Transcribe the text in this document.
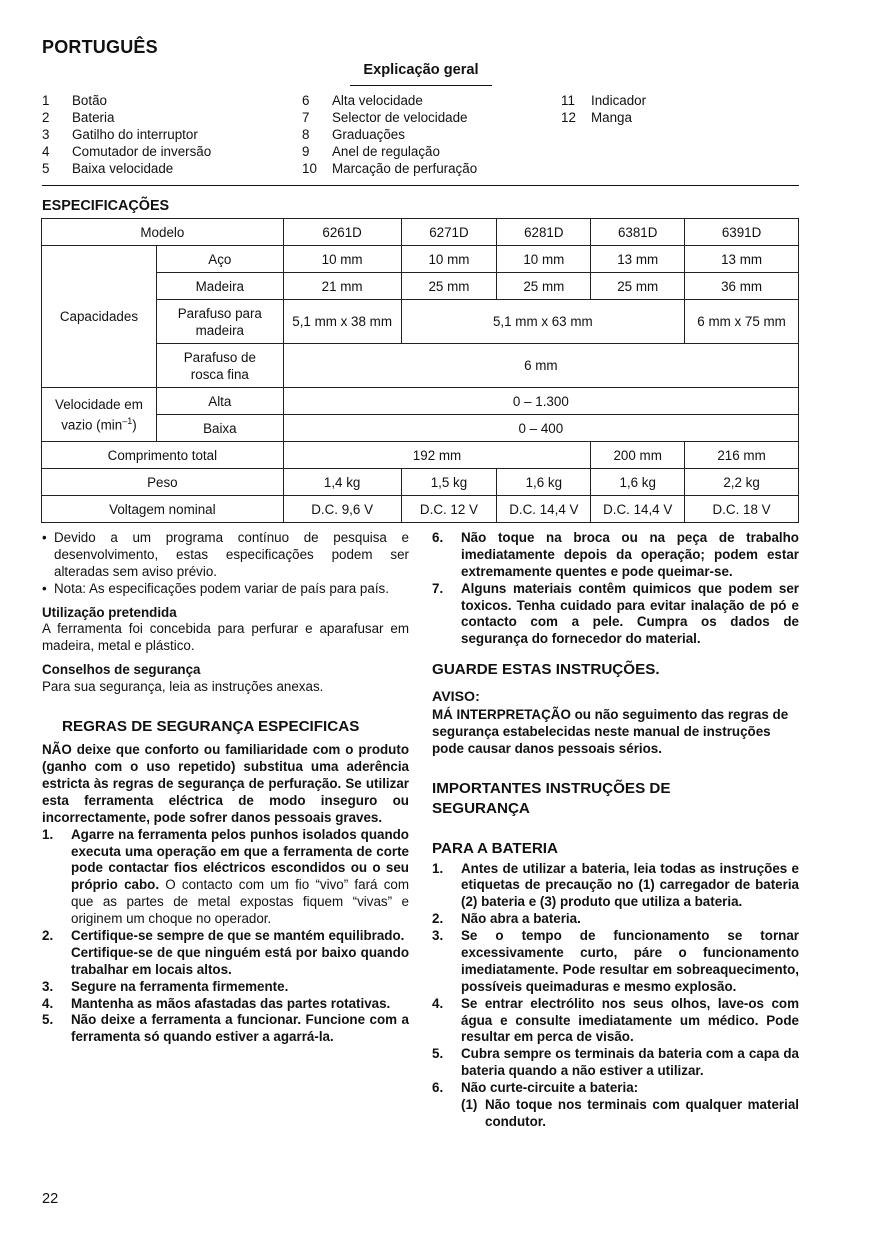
PORTUGUÊS
Explicação geral
1	Botão
2	Bateria
3	Gatilho do interruptor
4	Comutador de inversão
5	Baixa velocidade
6	Alta velocidade
7	Selector de velocidade
8	Graduações
9	Anel de regulação
10	Marcação de perfuração
11	Indicador
12	Manga
ESPECIFICAÇÕES
Modelo		6261D	6271D	6281D	6381D	6391D
Capacidades	Aço	10 mm	10 mm	10 mm	13 mm	13 mm
	Madeira	21 mm	25 mm	25 mm	25 mm	36 mm
	Parafuso para
madeira	5,1 mm x 38 mm	5,1 mm x 63 mm			6 mm x 75 mm
	Parafuso de
rosca fina	6 mm				
Velocidade em
vazio $(\min^{-1})$	Alta	0 – 1.300				
	Baixa	0 – 400				
Comprimento total		192 mm			200 mm	216 mm
Peso		1,4 kg	1,5 kg	1,6 kg	1,6 kg	2,2 kg
Voltagem nominal		D.C. 9,6 V	D.C. 12 V	D.C. 14,4 V	D.C. 14,4 V	D.C. 18 V
• Devido a um programa contínuo de pesquisa e desenvolvimento, estas especificações podem ser alteradas sem aviso prévio.
• Nota: As especificações podem variar de país para país.
Utilização pretendida
A ferramenta foi concebida para perfurar e aparafusar em madeira, metal e plástico.
Conselhos de segurança
Para sua segurança, leia as instruções anexas.
REGRAS DE SEGURANÇA ESPECIFICAS
NÃO deixe que conforto ou familiaridade com o produto (ganho com o uso repetido) substitua uma aderência estricta às regras de segurança de perfuração. Se utilizar esta ferramenta eléctrica de modo inseguro ou incorrectamente, pode sofrer danos pessoais graves.
1.	Agarre na ferramenta pelos punhos isolados quando executa uma operação em que a ferramenta de corte pode contactar fios eléctricos escondidos ou o seu próprio cabo. O contacto com um fio “vivo” fará com que as partes de metal expostas fiquem “vivas” e originem um choque no operador.
2.	Certifique-se sempre de que se mantém equilibrado.
Certifique-se de que ninguém está por baixo quando trabalhar em locais altos.
3.	Segure na ferramenta firmemente.
4.	Mantenha as mãos afastadas das partes rotativas.
5.	Não deixe a ferramenta a funcionar. Funcione com a ferramenta só quando estiver a agarrá-la.
6.	Não toque na broca ou na peça de trabalho imediatamente depois da operação; podem estar extremamente quentes e pode queimar-se.
7.	Alguns materiais contêm quimicos que podem ser toxicos. Tenha cuidado para evitar inalação de pó e contacto com a pele. Cumpra os dados de segurança do fornecedor do material.
GUARDE ESTAS INSTRUÇÕES.
AVISO:
MÁ INTERPRETAÇÃO ou não seguimento das regras de segurança estabelecidas neste manual de instruções pode causar danos pessoais sérios.
IMPORTANTES INSTRUÇÕES DE
SEGURANÇA
PARA A BATERIA
1.	Antes de utilizar a bateria, leia todas as instruções e etiquetas de precaução no (1) carregador de bateria (2) bateria e (3) produto que utiliza a bateria.
2.	Não abra a bateria.
3.	Se o tempo de funcionamento se tornar excessivamente curto, páre o funcionamento imediatamente. Pode resultar em sobreaquecimento, possíveis queimaduras e mesmo explosão.
4.	Se entrar electrólito nos seus olhos, lave-os com água e consulte imediatamente um médico. Pode resultar em perca de visão.
5.	Cubra sempre os terminais da bateria com a capa da bateria quando a não estiver a utilizar.
6.	Não curte-circuite a bateria:
(1) Não toque nos terminais com qualquer material condutor.
22
